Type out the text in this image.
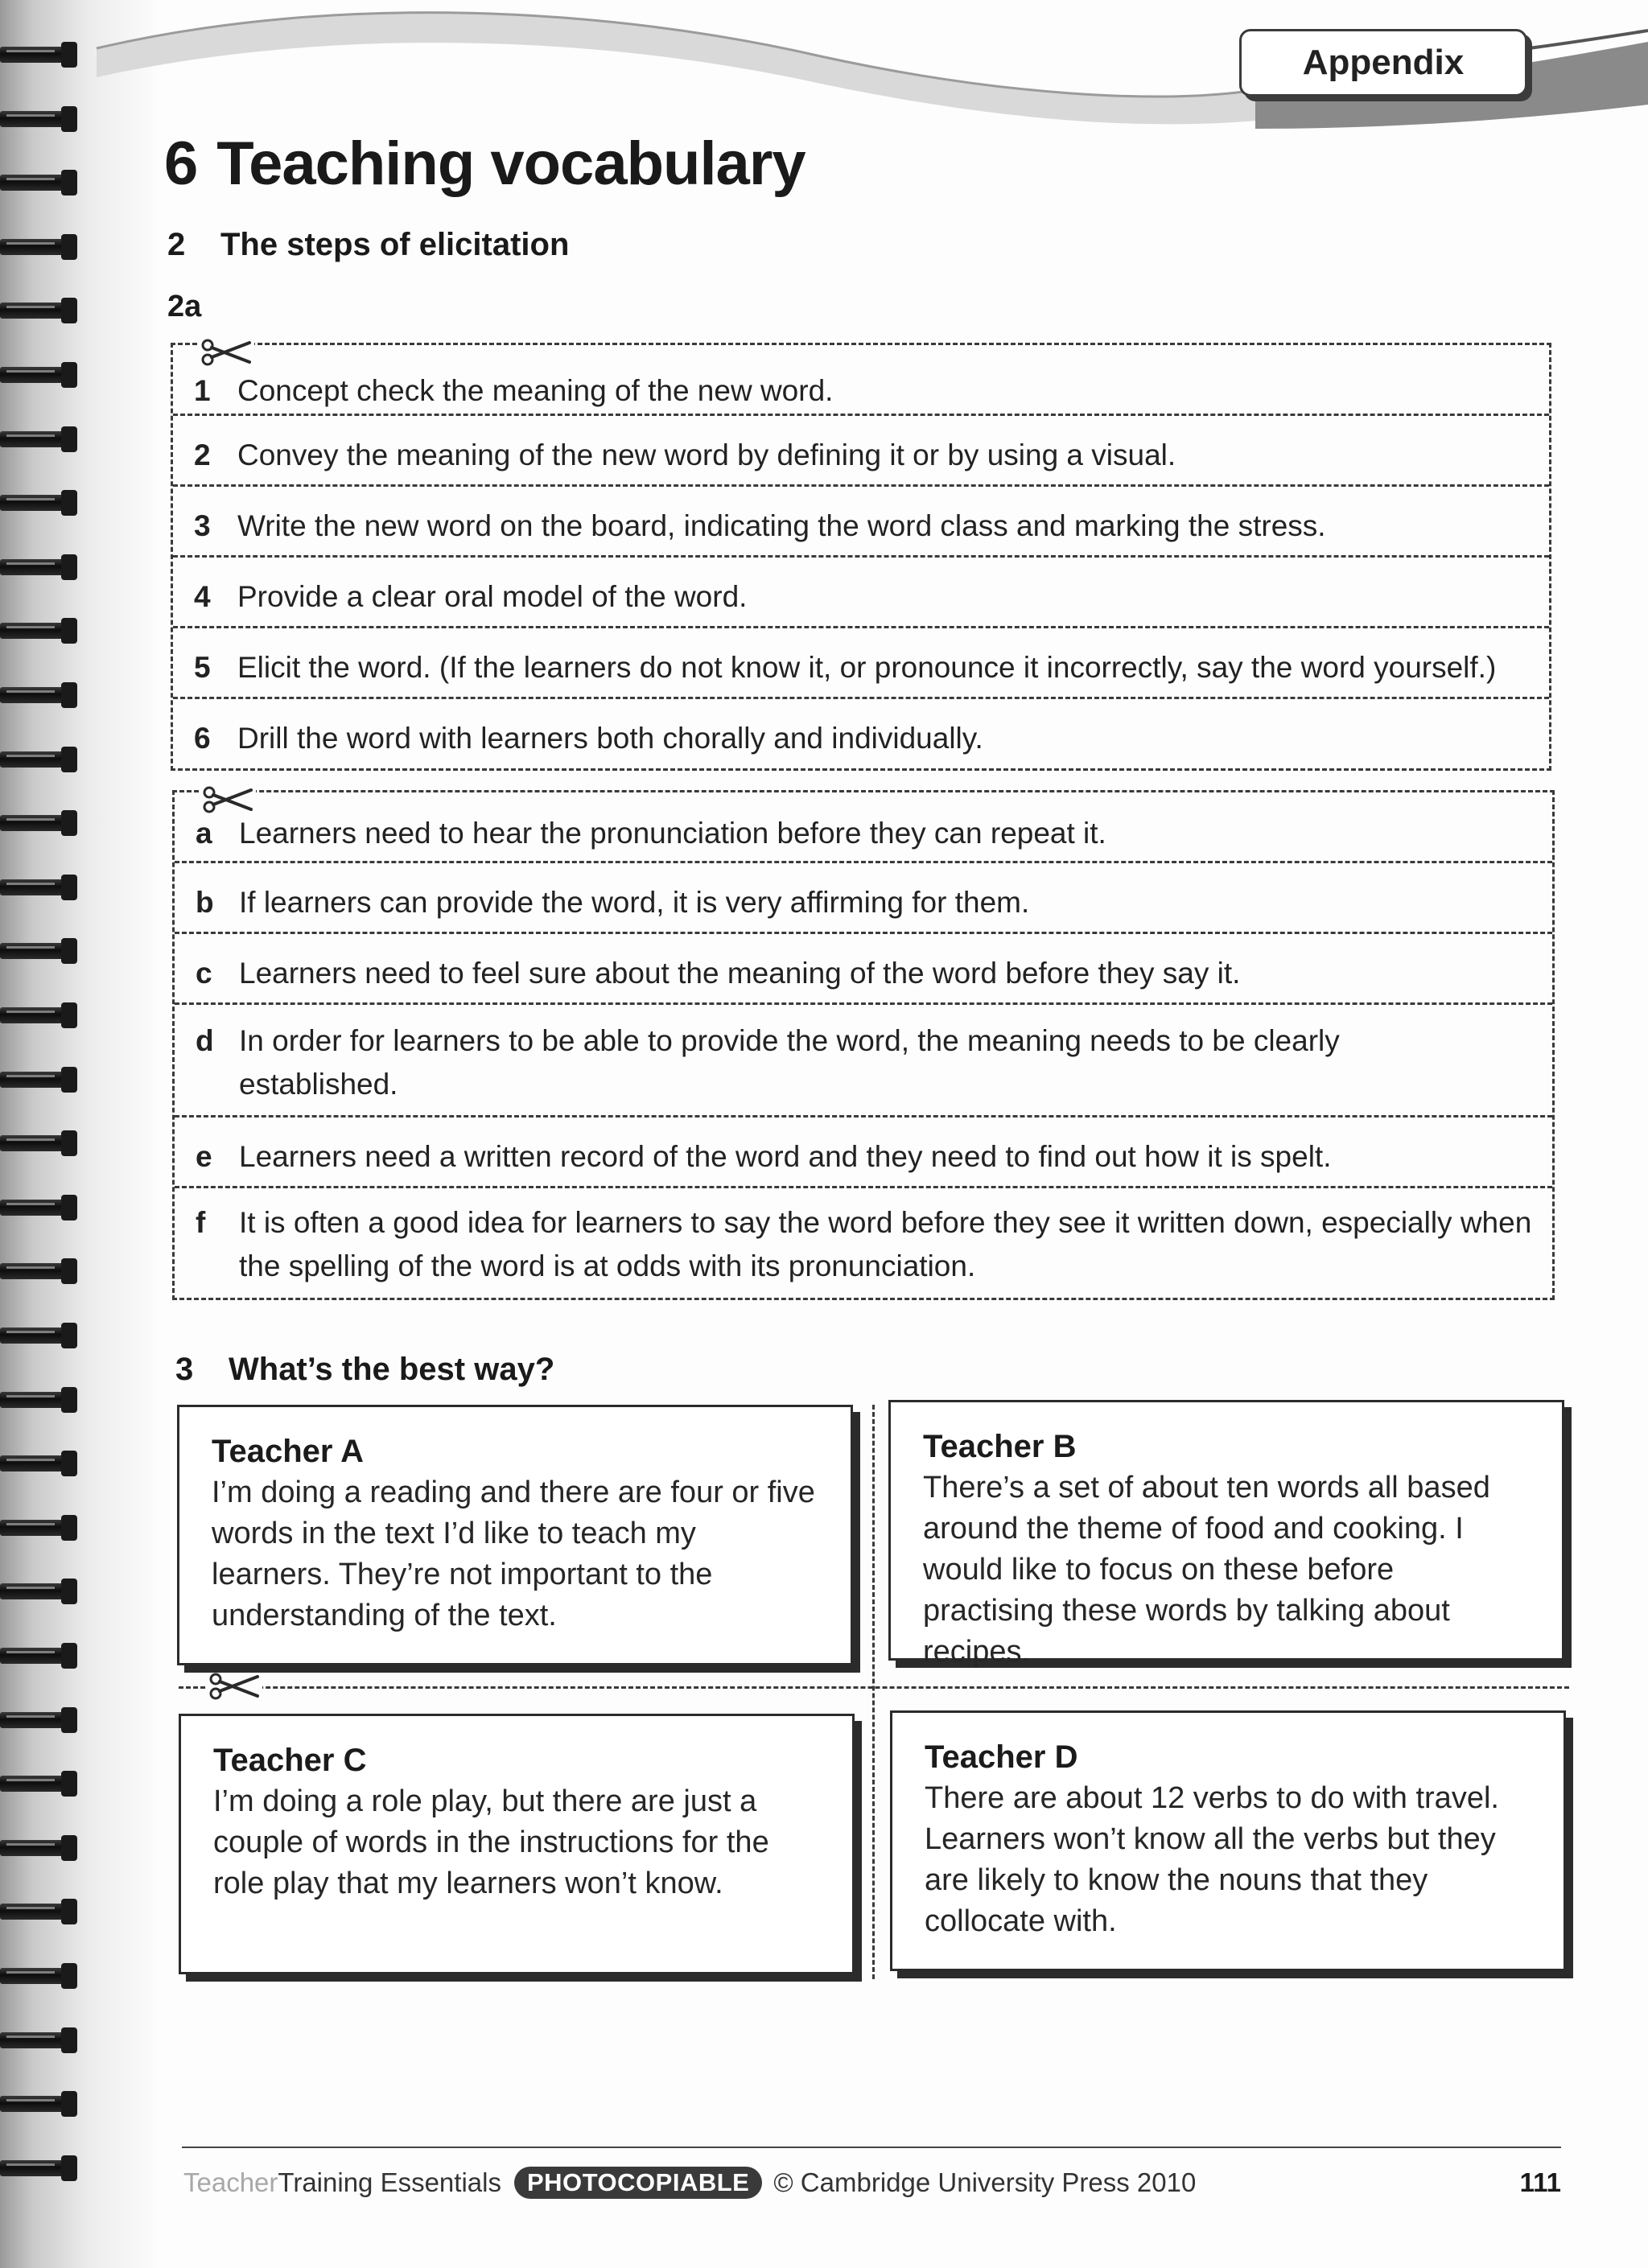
Appendix
6 Teaching vocabulary
2 The steps of elicitation
2a
1 Concept check the meaning of the new word.
2 Convey the meaning of the new word by defining it or by using a visual.
3 Write the new word on the board, indicating the word class and marking the stress.
4 Provide a clear oral model of the word.
5 Elicit the word. (If the learners do not know it, or pronounce it incorrectly, say the word yourself.)
6 Drill the word with learners both chorally and individually.
a Learners need to hear the pronunciation before they can repeat it.
b If learners can provide the word, it is very affirming for them.
c Learners need to feel sure about the meaning of the word before they say it.
d In order for learners to be able to provide the word, the meaning needs to be clearly established.
e Learners need a written record of the word and they need to find out how it is spelt.
f	It is often a good idea for learners to say the word before they see it written down, especially when the spelling of the word is at odds with its pronunciation.
3 What’s the best way?
Teacher A
I’m doing a reading and there are four or five words in the text I’d like to teach my learners. They’re not important to the understanding of the text.
Teacher B
There’s a set of about ten words all based around the theme of food and cooking. I would like to focus on these before practising these words by talking about recipes.
Teacher C
I’m doing a role play, but there are just a couple of words in the instructions for the role play that my learners won’t know.
Teacher D
There are about 12 verbs to do with travel. Learners won’t know all the verbs but they are likely to know the nouns that they collocate with.
Teacher Training Essentials	PHOTOCOPIABLE © Cambridge University Press 2010	111
